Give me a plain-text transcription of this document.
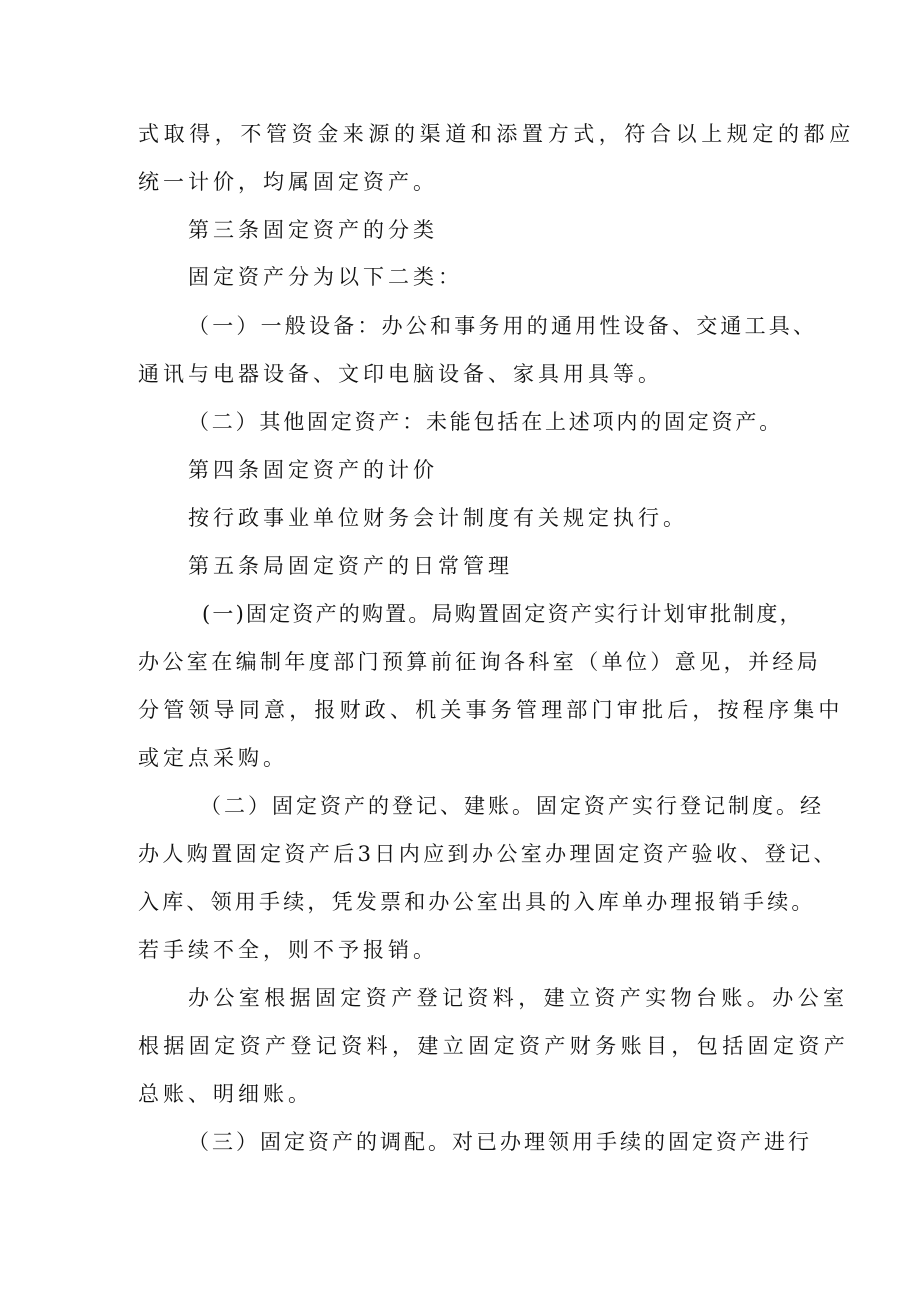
式取得，不管资金来源的渠道和添置方式，符合以上规定的都应

统一计价，均属固定资产。

第三条固定资产的分类

固定资产分为以下二类：

（一）一般设备：办公和事务用的通用性设备、交通工具、

通讯与电器设备、文印电脑设备、家具用具等。

（二）其他固定资产：未能包括在上述项内的固定资产。

第四条固定资产的计价

按行政事业单位财务会计制度有关规定执行。

第五条局固定资产的日常管理

(一)固定资产的购置。局购置固定资产实行计划审批制度，

办公室在编制年度部门预算前征询各科室（单位）意见，并经局

分管领导同意，报财政、机关事务管理部门审批后，按程序集中

或定点采购。

（二）固定资产的登记、建账。固定资产实行登记制度。经

办人购置固定资产后3日内应到办公室办理固定资产验收、登记、

入库、领用手续，凭发票和办公室出具的入库单办理报销手续。

若手续不全，则不予报销。

办公室根据固定资产登记资料，建立资产实物台账。办公室

根据固定资产登记资料，建立固定资产财务账目，包括固定资产

总账、明细账。

（三）固定资产的调配。对已办理领用手续的固定资产进行
